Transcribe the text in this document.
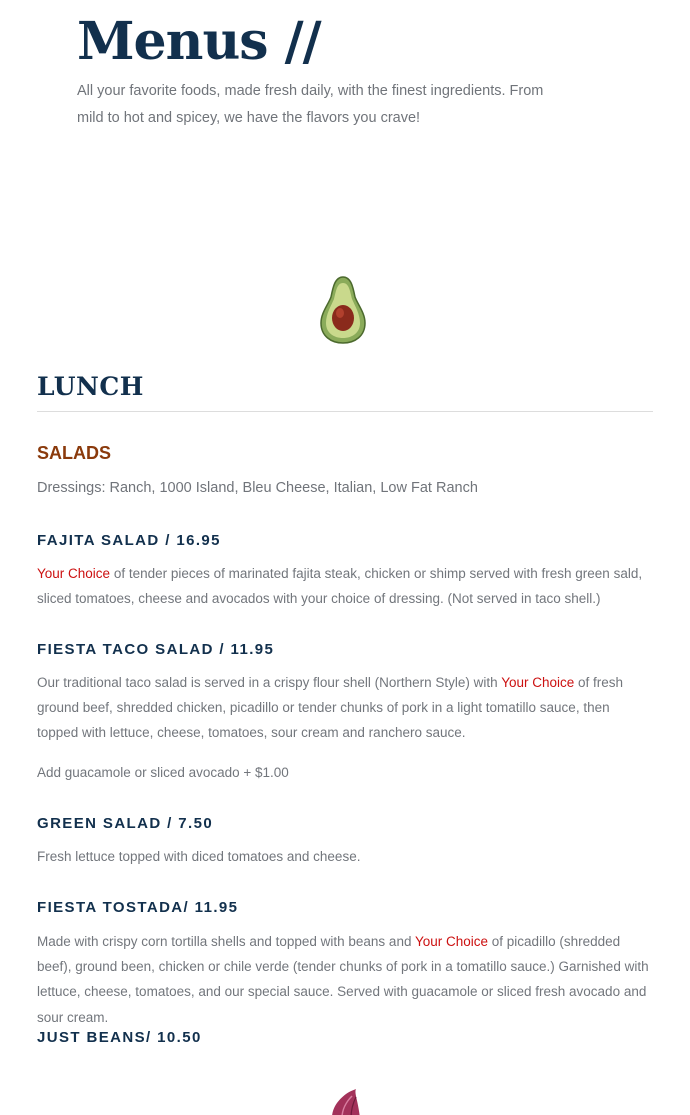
Menus //

All your favorite foods, made fresh daily, with the finest ingredients. From mild to hot and spicey, we have the flavors you crave!

LUNCH
SALADS

Dressings: Ranch, 1000 Island, Bleu Cheese, Italian, Low Fat Ranch

FAJITA SALAD / 16.95

Your Choice of tender pieces of marinated fajita steak, chicken or shimp served with fresh green sald, sliced tomatoes, cheese and avocados with your choice of dressing. (Not served in taco shell.)

FIESTA TACO SALAD / 11.95

Our traditional taco salad is served in a crispy flour shell (Northern Style) with Your Choice of fresh ground beef, shredded chicken, picadillo or tender chunks of pork in a light tomatillo sauce, then topped with lettuce, cheese, tomatoes, sour cream and ranchero sauce.

Add guacamole or sliced avocado + $1.00

GREEN SALAD / 7.50

Fresh lettuce topped with diced tomatoes and cheese.

FIESTA TOSTADA/ 11.95

Made with crispy corn tortilla shells and topped with beans and Your Choice of picadillo (shredded beef), ground been, chicken or chile verde (tender chunks of pork in a tomatillo sauce.) Garnished with lettuce, cheese, tomatoes, and our special sauce. Served with guacamole or sliced fresh avocado and sour cream.

JUST BEANS/ 10.50
